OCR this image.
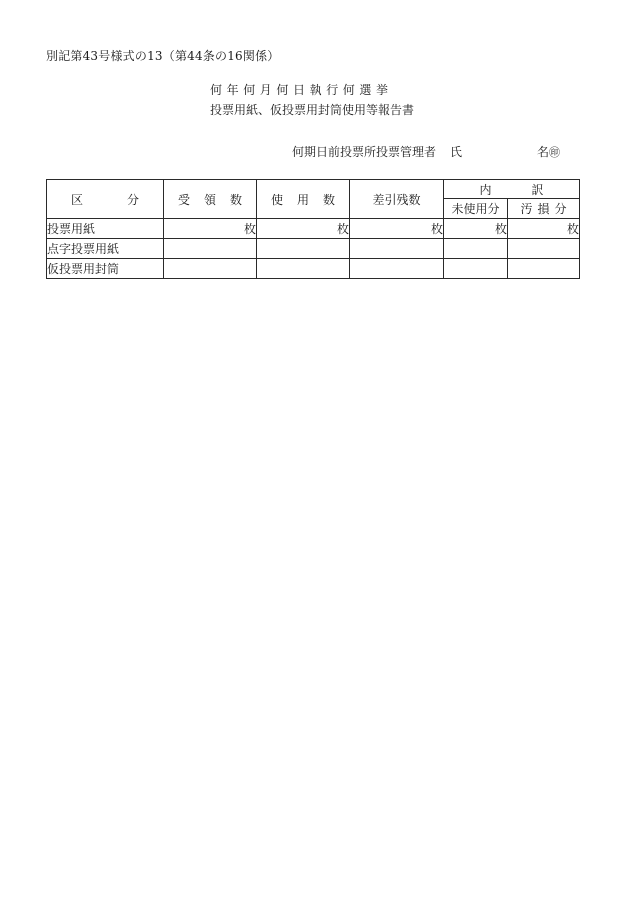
別記第43号様式の13（第44条の16関係）
何年何月何日執行何選挙
投票用紙、仮投票用封筒使用等報告書
何期日前投票所投票管理者 氏	名㊞
区分	受領数	使用数	差引残数	内訳	
				未使用分	汚損分
投票用紙	枚	枚	枚	枚	枚
点字投票用紙					
仮投票用封筒					
